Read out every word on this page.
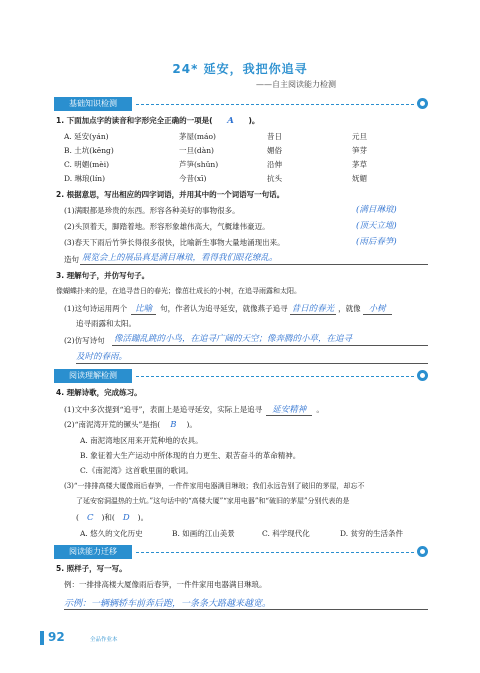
24* 延安，我把你追寻
——自主阅读能力检测
基础知识检测
1. 下面加点字的读音和字形完全正确的一项是( A )。
A. 延安(yán)	茅屋(máo)	昔日	元旦
B. 土坑(kēng)	一旦(dàn)	媚俗	笋芽
C. 明媚(mèi)	芦笋(shǔn)	沿伸	茅草
D. 琳琅(lín)	今昔(xī)	抗头	妩媚
2. 根据意思，写出相应的四字词语，并用其中的一个词语写一句话。
(1)满眼都是珍贵的东西。形容各种美好的事物很多。	(满目琳琅)
(2)头顶着天，脚踏着地。形容形象雄伟高大，气概雄伟豪迈。	(顶天立地)
(3)春天下雨后竹笋长得很多很快，比喻新生事物大量地涌现出来。	(雨后春笋)
造句 展览会上的展品真是满目琳琅，看得我们眼花缭乱。
3. 理解句子，并仿写句子。
像蝴蝶扑来的是，在追寻昔日的春光；像茁壮成长的小树，在追寻雨露和太阳。
(1)这句诗运用两个 比喻 句，作者认为追寻延安，就像燕子追寻 昔日的春光 ，就像 小树
追寻雨露和太阳。
(2)仿写诗句 像活蹦乱跳的小鸟，在追寻广阔的天空；像奔腾的小草，在追寻
及时的春雨。
阅读理解检测
4. 理解诗歌，完成练习。
(1)文中多次提到“追寻”，表面上是追寻延安，实际上是追寻 延安精神 。
(2)“南泥湾开荒的镢头”是指( B )。
A. 南泥湾地区用来开荒种地的农具。
B. 象征着大生产运动中所体现的自力更生、艰苦奋斗的革命精神。
C.《南泥湾》这首歌里面的歌词。
(3)“一排排高楼大厦像雨后春笋，一件件家用电器满目琳琅；我们永远告别了破旧的茅屋，却忘不
了延安窑洞温热的土炕。”这句话中的“高楼大厦”“家用电器”和“破旧的茅屋”分别代表的是
( C )和( D )。
A. 悠久的文化历史	B. 如画的江山美景	C. 科学现代化	D. 贫穷的生活条件
阅读能力迁移
5. 照样子，写一写。
例：一排排高楼大厦像雨后春笋，一件件家用电器满目琳琅。
示例：一辆辆轿车前奔后跑，一条条大路越来越宽。
92	全品作业本
